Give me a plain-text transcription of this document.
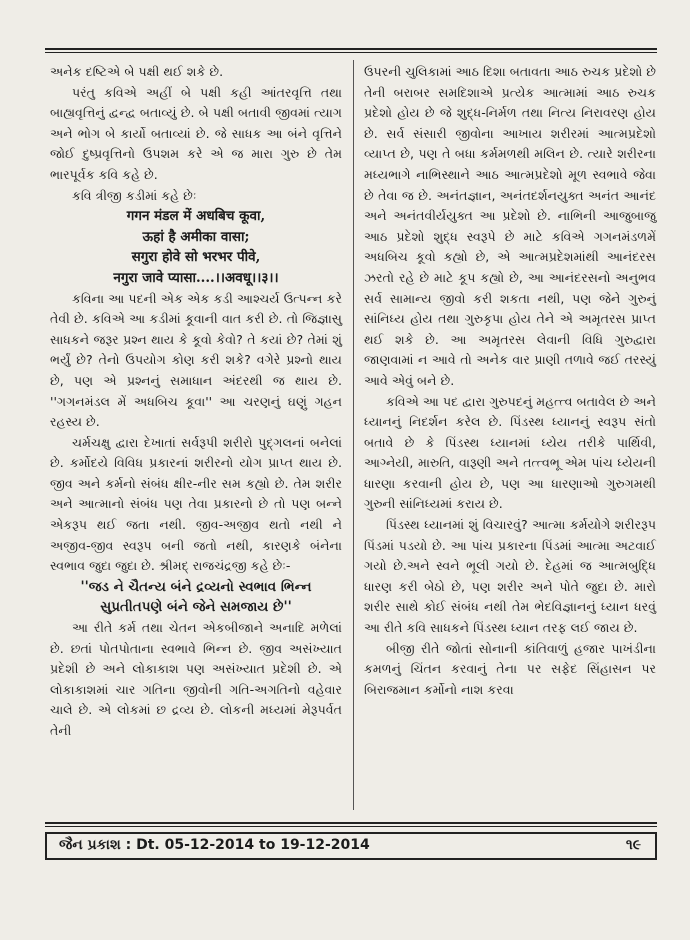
અનેક દષ્ટિએ બે પક્ષી થઈ શકે છે.

પરંતુ કવિએ અહીં બે પક્ષી કહી આંતરવૃત્તિ તથા બાહ્યવૃત્તિનું દ્વન્દ્વ બતાવ્યું છે. બે પક્ષી બતાવી જીવમાં ત્યાગ અને ભોગ બે કાર્યો બતાવ્યાં છે. જે સાધક આ બંને વૃત્તિને જોઈ દુષ્પ્રવૃત્તિનો ઉપશમ કરે એ જ મારા ગુરુ છે તેમ ભારપૂર્વક કવિ કહે છે.

કવિ ત્રીજી કડીમાં કહે છેઃ

गगन मंडल में अधबिच कूवा,

ऊहां है अमीका वासा;

सगुरा होवे सो भरभर पीवे,

नगुरा जावे प्यासा....।।अवधू।।३।।

કવિના આ પદની એક એક કડી આશ્ચર્ય ઉત્પન્ન કરે તેવી છે. કવિએ આ કડીમાં કૂવાની વાત કરી છે. તો જિજ્ઞાસુ સાધકને જરૂર પ્રશ્ન થાય કે કૂવો કેવો? તે કયાં છે? તેમાં શું ભર્યું છે? તેનો ઉપયોગ કોણ કરી શકે? વગેરે પ્રશ્નો થાય છે, પણ એ પ્રશ્નનું સમાધાન અંદરથી જ થાય છે. ''ગગનમંડલ મેં અધબિચ કૂવા'' આ ચરણનું ઘણું ગહન રહસ્ય છે.

ચર્મચક્ષુ દ્વારા દેખાતાં સર્વરૂપી શરીરો પુદ્ગલનાં બનેલાં છે. કર્મોદયે વિવિધ પ્રકારનાં શરીરનો યોગ પ્રાપ્ત થાય છે. જીવ અને કર્મનો સંબંધ ક્ષીર-નીર સમ કહ્યો છે. તેમ શરીર અને આત્માનો સંબંધ પણ તેવા પ્રકારનો છે તો પણ બન્ને એકરૂપ થઈ જતા નથી. જીવ-અજીવ થતો નથી ને અજીવ-જીવ સ્વરૂપ બની જતો નથી, કારણકે બંનેના સ્વભાવ જુદા જુદા છે. શ્રીમદ્ રાજચંદ્રજી કહે છેઃ-

''જડ ને ચૈતન્ય બંને દ્રવ્યનો સ્વભાવ ભિન્ન

સુપ્રતીતપણે બંને જેને સમજાય છે''

આ રીતે કર્મ તથા ચેતન એકબીજાને અનાદિ મળેલાં છે. છતાં પોતપોતાના સ્વભાવે ભિન્ન છે. જીવ અસંખ્યાત પ્રદેશી છે અને લોકાકાશ પણ અસંખ્યાત પ્રદેશી છે. એ લોકાકાશમાં ચાર ગતિના જીવોની ગતિ-અગતિનો વહેવાર ચાલે છે. એ લોકમાં છ દ્રવ્ય છે. લોકની મધ્યમાં મેરૂપર્વત તેની

ઉપરની ચુલિકામાં આઠ દિશા બતાવતા આઠ રુચક પ્રદેશો છે તેની બરાબર સમદિશાએ પ્રત્યેક આત્મામાં આઠ રુચક પ્રદેશો હોય છે જે શુદ્ધ-નિર્મળ તથા નિત્ય નિરાવરણ હોય છે. સર્વ સંસારી જીવોના આખાય શરીરમાં આત્મપ્રદેશો વ્યાપ્ત છે, પણ તે બધા કર્મમળથી મલિન છે. ત્યારે શરીરના મધ્યભાગે નાભિસ્થાને આઠ આત્મપ્રદેશો મૂળ સ્વભાવે જેવા છે તેવા જ છે. અનંતજ્ઞાન, અનંતદર્શનયુક્ત અનંત આનંદ અને અનંતવીર્યયુક્ત આ પ્રદેશો છે. નાભિની આજુબાજુ આઠ પ્રદેશો શુદ્ધ સ્વરૂપે છે માટે કવિએ ગગનમંડળમેં અધબિચ કૂવો કહ્યો છે, એ આત્મપ્રદેશમાંથી આનંદરસ ઝરતો રહે છે માટે કૂપ કહ્યો છે, આ આનંદરસનો અનુભવ સર્વ સામાન્ય જીવો કરી શકતા નથી, પણ જેને ગુરુનું સાંનિધ્ય હોય તથા ગુરુકૃપા હોય તેને એ અમૃતરસ પ્રાપ્ત થઈ શકે છે. આ અમૃતરસ લેવાની વિધિ ગુરુદ્વારા જાણવામાં ન આવે તો અનેક વાર પ્રાણી તળાવે જઈ તરસ્યું આવે એવું બને છે.

કવિએ આ પદ દ્વારા ગુરુપદનું મહત્ત્વ બતાવેલ છે અને ધ્યાનનું નિદર્શન કરેલ છે. પિંડસ્થ ધ્યાનનું સ્વરૂપ સંતો બતાવે છે કે પિંડસ્થ ધ્યાનમાં ધ્યેય તરીકે પાર્થિવી, આગ્નેયી, મારુતિ, વારૂણી અને તત્ત્વભૂ એમ પાંચ ધ્યેયની ધારણા કરવાની હોય છે, પણ આ ધારણાઓ ગુરુગમથી ગુરુની સાંનિધ્યમાં કરાય છે.

પિંડસ્થ ધ્યાનમાં શું વિચારવું? આત્મા કર્મયોગે શરીરરૂપ પિંડમાં પડયો છે. આ પાંચ પ્રકારના પિંડમાં આત્મા અટવાઈ ગયો છે.અને સ્વને ભૂલી ગયો છે. દેહમાં જ આત્મબુદ્ધિ ધારણ કરી બેઠો છે, પણ શરીર અને પોતે જુદા છે. મારો શરીર સાથે કોઈ સંબંધ નથી તેમ ભેદવિજ્ઞાનનું ધ્યાન ધરવું આ રીતે કવિ સાધકને પિંડસ્થ ધ્યાન તરફ લઈ જાય છે.

બીજી રીતે જોતાં સોનાની કાંતિવાળું હજાર પાખંડીના કમળનું ચિંતન કરવાનું તેના પર સફેદ સિંહાસન પર બિરાજમાન કર્મોનો નાશ કરવા

જૈન પ્રકાશ : Dt. 05-12-2014 to 19-12-2014	૧૯
